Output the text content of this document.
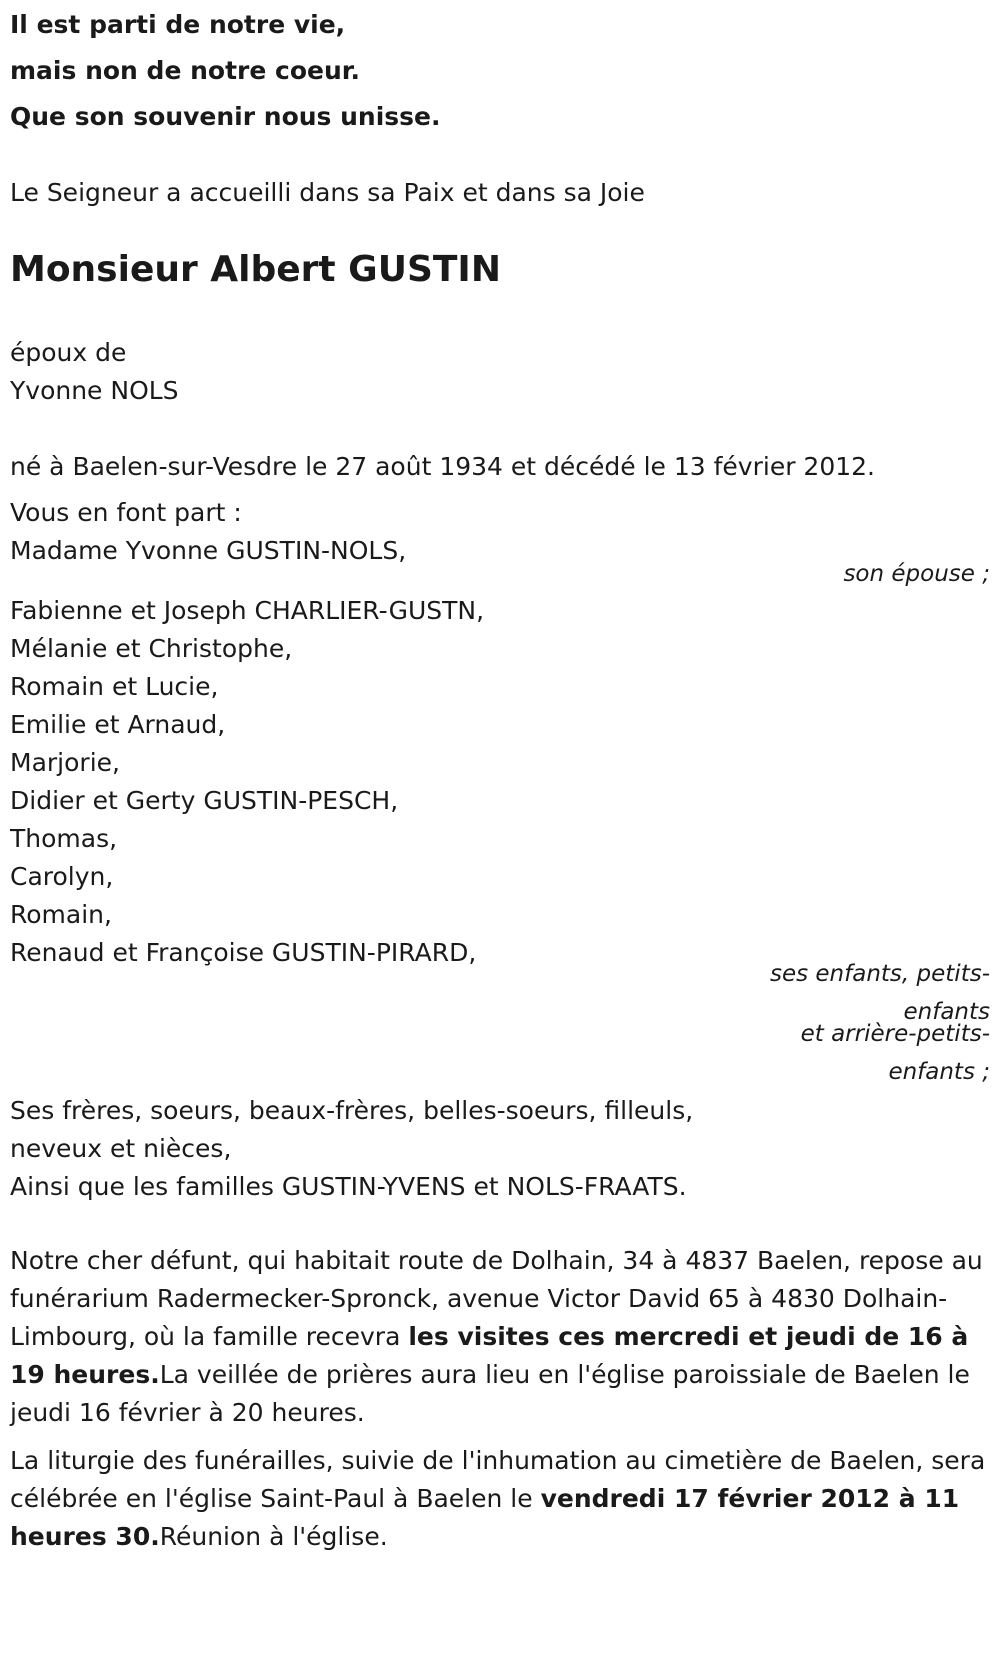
Il est parti de notre vie,
mais non de notre coeur.
Que son souvenir nous unisse.
Le Seigneur a accueilli dans sa Paix et dans sa Joie
Monsieur Albert GUSTIN
époux de
Yvonne NOLS
né à Baelen-sur-Vesdre le 27 août 1934 et décédé le 13 février 2012.
Vous en font part :
Madame Yvonne GUSTIN-NOLS,
son épouse ;
Fabienne et Joseph CHARLIER-GUSTN,
Mélanie et Christophe,
Romain et Lucie,
Emilie et Arnaud,
Marjorie,
Didier et Gerty GUSTIN-PESCH,
Thomas,
Carolyn,
Romain,
Renaud et Françoise GUSTIN-PIRARD,
ses enfants, petits-
enfants
et arrière-petits-
enfants ;
Ses frères, soeurs, beaux-frères, belles-soeurs, filleuls,
neveux et nièces,
Ainsi que les familles GUSTIN-YVENS et NOLS-FRAATS.
Notre cher défunt, qui habitait route de Dolhain, 34 à 4837 Baelen, repose au funérarium Radermecker-Spronck, avenue Victor David 65 à 4830 Dolhain-Limbourg, où la famille recevra les visites ces mercredi et jeudi de 16 à 19 heures.La veillée de prières aura lieu en l'église paroissiale de Baelen le jeudi 16 février à 20 heures.
La liturgie des funérailles, suivie de l'inhumation au cimetière de Baelen, sera célébrée en l'église Saint-Paul à Baelen le vendredi 17 février 2012 à 11 heures 30.Réunion à l'église.
